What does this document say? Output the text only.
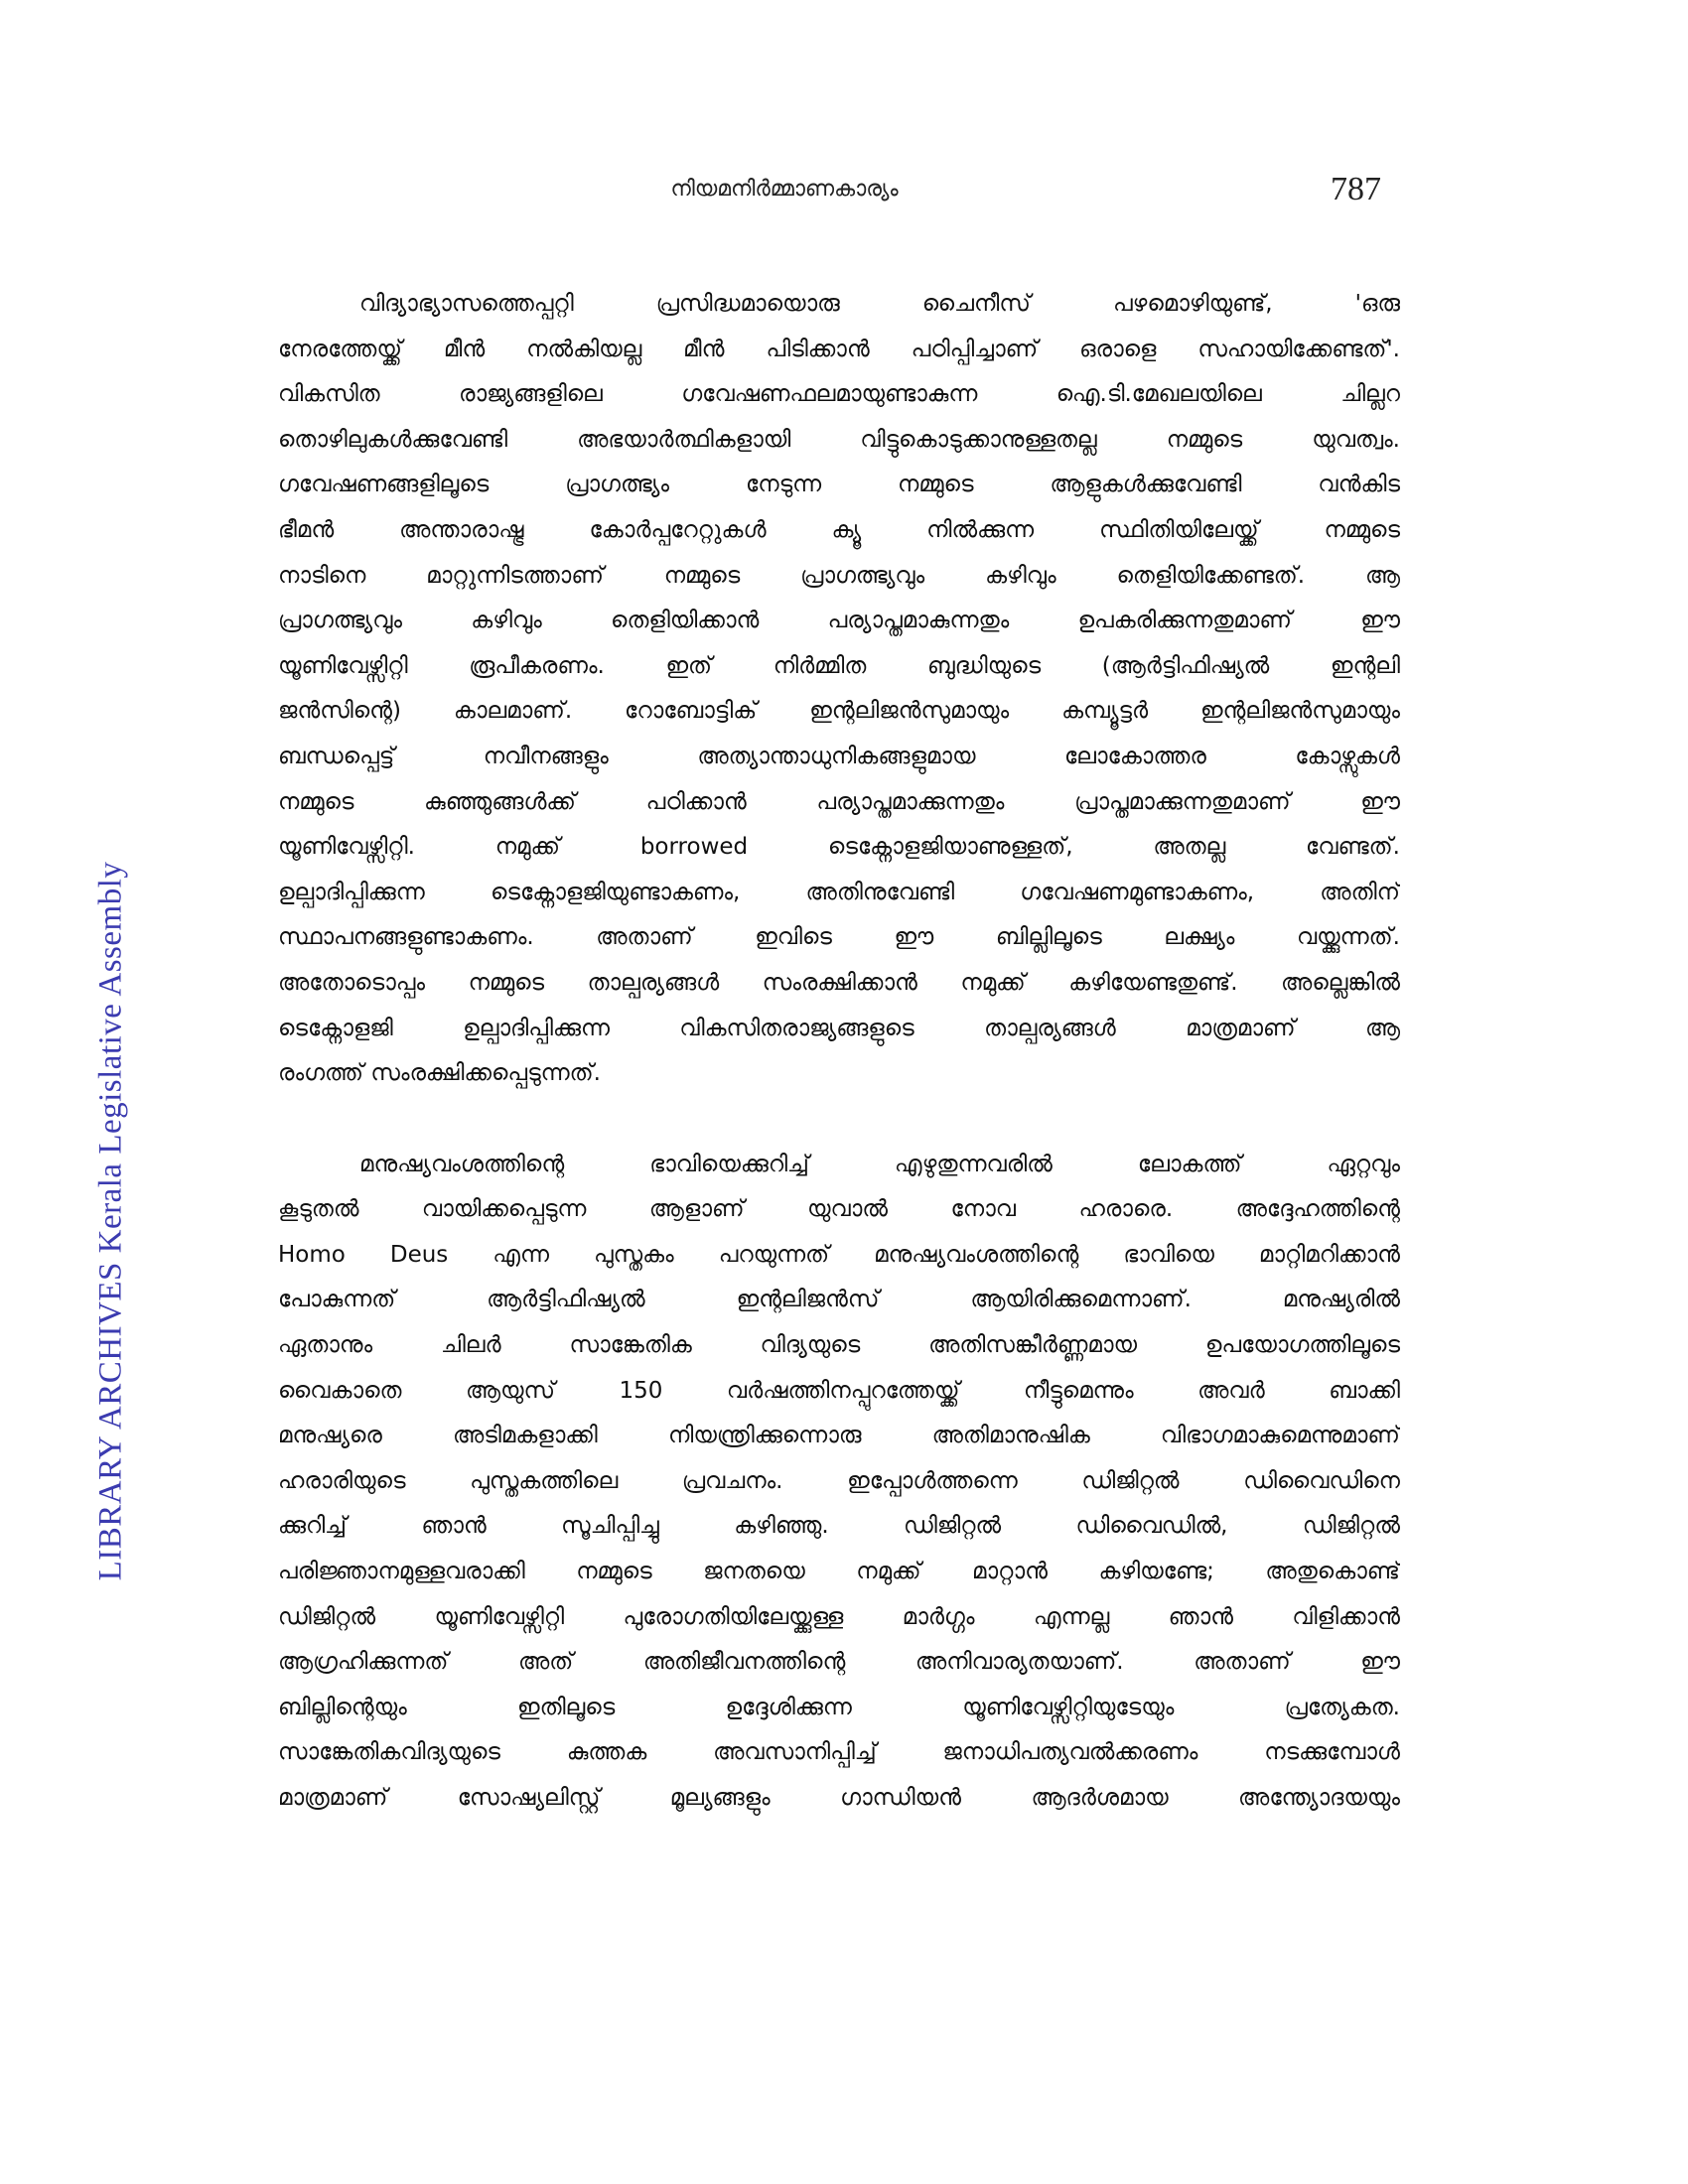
LIBRARY ARCHIVES Kerala Legislative Assembly
നിയമനിർമ്മാണകാര്യം	787
വിദ്യാഭ്യാസത്തെപ്പറ്റി പ്രസിദ്ധമായൊരു ചൈനീസ് പഴമൊഴിയുണ്ട്, 'ഒരു
നേരത്തേയ്ക്ക് മീൻ നൽകിയല്ല മീൻ പിടിക്കാൻ പഠിപ്പിച്ചാണ് ഒരാളെ സഹായിക്കേണ്ടത്'.
വികസിത രാജ്യങ്ങളിലെ ഗവേഷണഫലമായുണ്ടാകുന്ന ഐ.ടി.മേഖലയിലെ ചില്ലറ
തൊഴിലുകൾക്കുവേണ്ടി അഭയാർത്ഥികളായി വിട്ടുകൊടുക്കാനുള്ളതല്ല നമ്മുടെ യുവത്വം.
ഗവേഷണങ്ങളിലൂടെ പ്രാഗത്ഭ്യം നേടുന്ന നമ്മുടെ ആളുകൾക്കുവേണ്ടി വൻകിട
ഭീമൻ അന്താരാഷ്ട്ര കോർപ്പറേറ്റുകൾ ക്യൂ നിൽക്കുന്ന സ്ഥിതിയിലേയ്ക്ക് നമ്മുടെ
നാടിനെ മാറ്റുന്നിടത്താണ് നമ്മുടെ പ്രാഗത്ഭ്യവും കഴിവും തെളിയിക്കേണ്ടത്. ആ
പ്രാഗത്ഭ്യവും കഴിവും തെളിയിക്കാൻ പര്യാപ്തമാകുന്നതും ഉപകരിക്കുന്നതുമാണ് ഈ
യൂണിവേഴ്സിറ്റി രൂപീകരണം. ഇത് നിർമ്മിത ബുദ്ധിയുടെ (ആർട്ടിഫിഷ്യൽ ഇന്റലി
ജൻസിന്റെ) കാലമാണ്. റോബോട്ടിക് ഇന്റലിജൻസുമായും കമ്പ്യൂട്ടർ ഇന്റലിജൻസുമായും
ബന്ധപ്പെട്ട് നവീനങ്ങളും അത്യാന്താധുനികങ്ങളുമായ ലോകോത്തര കോഴ്സുകൾ
നമ്മുടെ കുഞ്ഞുങ്ങൾക്ക് പഠിക്കാൻ പര്യാപ്തമാക്കുന്നതും പ്രാപ്തമാക്കുന്നതുമാണ് ഈ
യൂണിവേഴ്സിറ്റി. നമുക്ക് borrowed ടെക്നോളജിയാണുള്ളത്, അതല്ല വേണ്ടത്.
ഉല്പാദിപ്പിക്കുന്ന ടെക്നോളജിയുണ്ടാകണം, അതിനുവേണ്ടി ഗവേഷണമുണ്ടാകണം, അതിന്
സ്ഥാപനങ്ങളുണ്ടാകണം. അതാണ് ഇവിടെ ഈ ബില്ലിലൂടെ ലക്ഷ്യം വയ്ക്കുന്നത്.
അതോടൊപ്പം നമ്മുടെ താല്പര്യങ്ങൾ സംരക്ഷിക്കാൻ നമുക്ക് കഴിയേണ്ടതുണ്ട്. അല്ലെങ്കിൽ
ടെക്നോളജി ഉല്പാദിപ്പിക്കുന്ന വികസിതരാജ്യങ്ങളുടെ താല്പര്യങ്ങൾ മാത്രമാണ് ആ
രംഗത്ത് സംരക്ഷിക്കപ്പെടുന്നത്.
മനുഷ്യവംശത്തിന്റെ ഭാവിയെക്കുറിച്ച് എഴുതുന്നവരിൽ ലോകത്ത് ഏറ്റവും
കൂടുതൽ വായിക്കപ്പെടുന്ന ആളാണ് യുവാൽ നോവ ഹരാരെ. അദ്ദേഹത്തിന്റെ
Homo Deus എന്ന പുസ്തകം പറയുന്നത് മനുഷ്യവംശത്തിന്റെ ഭാവിയെ മാറ്റിമറിക്കാൻ
പോകുന്നത് ആർട്ടിഫിഷ്യൽ ഇന്റലിജൻസ് ആയിരിക്കുമെന്നാണ്. മനുഷ്യരിൽ
ഏതാനും ചിലർ സാങ്കേതിക വിദ്യയുടെ അതിസങ്കീർണ്ണമായ ഉപയോഗത്തിലൂടെ
വൈകാതെ ആയുസ് 150 വർഷത്തിനപ്പുറത്തേയ്ക്ക് നീട്ടുമെന്നും അവർ ബാക്കി
മനുഷ്യരെ അടിമകളാക്കി നിയന്ത്രിക്കുന്നൊരു അതിമാനുഷിക വിഭാഗമാകുമെന്നുമാണ്
ഹരാരിയുടെ പുസ്തകത്തിലെ പ്രവചനം. ഇപ്പോൾത്തന്നെ ഡിജിറ്റൽ ഡിവൈഡിനെ
ക്കുറിച്ച് ഞാൻ സൂചിപ്പിച്ചു കഴിഞ്ഞു. ഡിജിറ്റൽ ഡിവൈഡിൽ, ഡിജിറ്റൽ
പരിജ്ഞാനമുള്ളവരാക്കി നമ്മുടെ ജനതയെ നമുക്ക് മാറ്റാൻ കഴിയണ്ടേ; അതുകൊണ്ട്
ഡിജിറ്റൽ യൂണിവേഴ്സിറ്റി പുരോഗതിയിലേയ്ക്കുള്ള മാർഗ്ഗം എന്നല്ല ഞാൻ വിളിക്കാൻ
ആഗ്രഹിക്കുന്നത് അത് അതിജീവനത്തിന്റെ അനിവാര്യതയാണ്. അതാണ് ഈ
ബില്ലിന്റെയും ഇതിലൂടെ ഉദ്ദേശിക്കുന്ന യൂണിവേഴ്സിറ്റിയുടേയും പ്രത്യേകത.
സാങ്കേതികവിദ്യയുടെ കുത്തക അവസാനിപ്പിച്ച് ജനാധിപത്യവൽക്കരണം നടക്കുമ്പോൾ
മാത്രമാണ് സോഷ്യലിസ്റ്റ് മൂല്യങ്ങളും ഗാന്ധിയൻ ആദർശമായ അന്ത്യോദയയും
